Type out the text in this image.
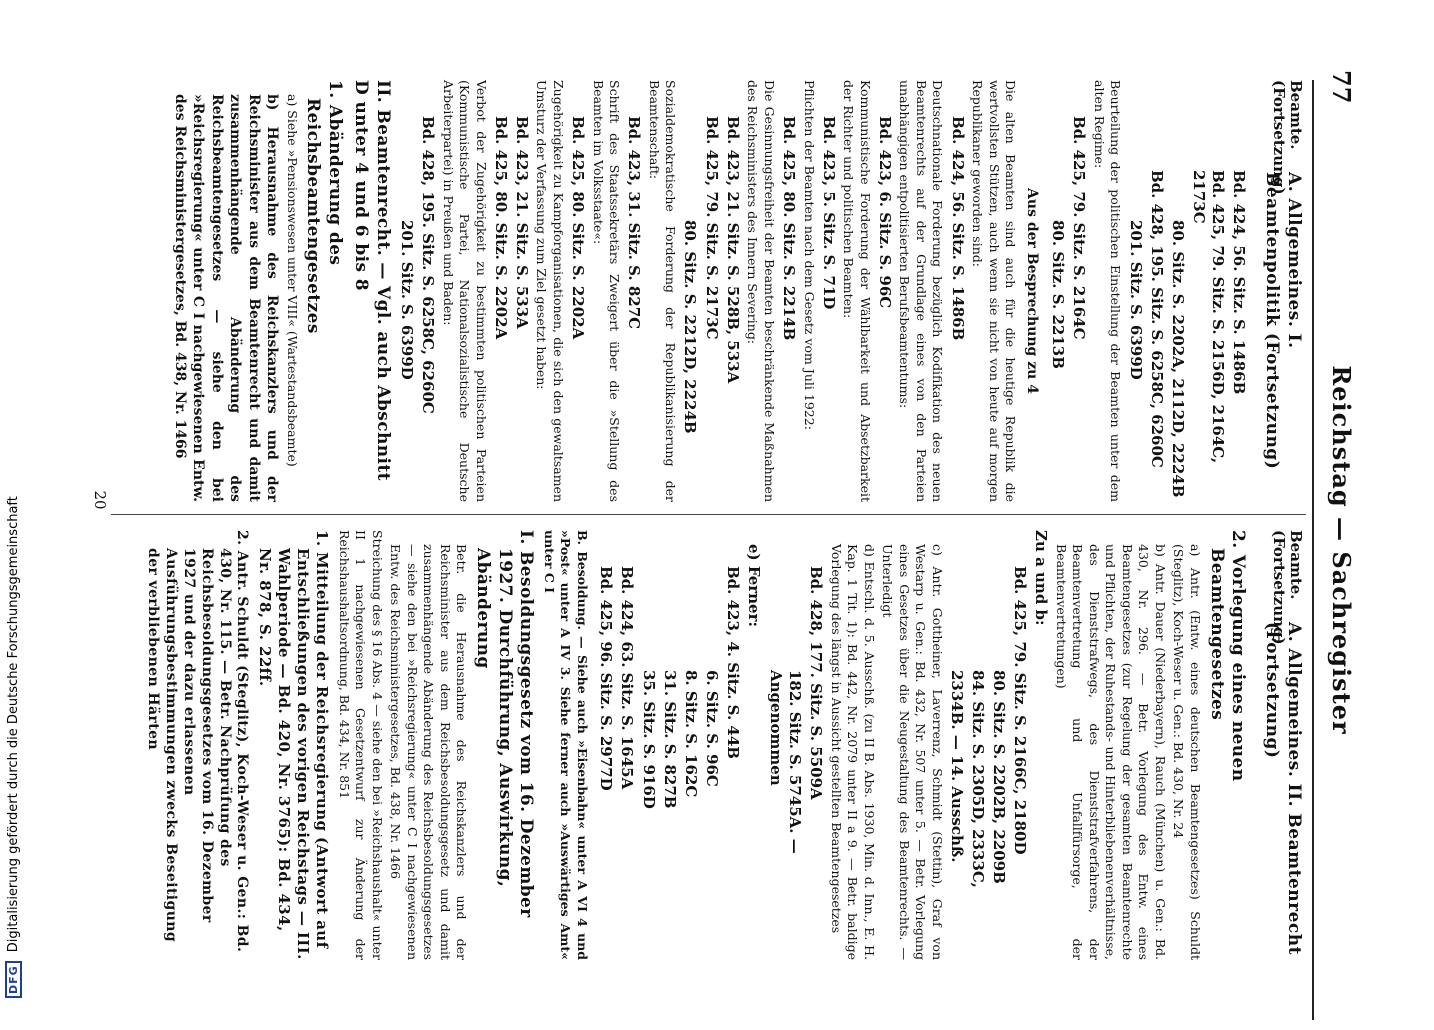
77
Reichstag — Sachregister
Beamte. (Fortsetzung)
A. Allgemeines. I. Beamtenpolitik (Fortsetzung)
Bd. 424, 56. Sitz. S. 1486B
Bd. 425, 79. Sitz. S. 2156D, 2164C, 2173C
80. Sitz. S. 2202A, 2112D, 2224B
Bd. 428, 195. Sitz. S. 6258C, 6260C
201. Sitz. S. 6399D

Beurteilung der politischen Einstellung der Beamten unter dem alten Regime:

Bd. 425, 79. Sitz. S. 2164C
80. Sitz. S. 2213B
Aus der Besprechung zu 4

Die alten Beamten sind auch für die heutige Republik die wertvollsten Stützen, auch wenn sie nicht von heute auf morgen Republikaner geworden sind:

Bd. 424, 56. Sitz. S. 1486B

Deutschnationale Forderung bezüglich Kodifikation des neuen Beamtenrechts auf der Grundlage eines von den Parteien unabhängigen entpolitisierten Berufsbeamtentums:

Bd. 423, 6. Sitz. S. 96C

Kommunistische Forderung der Wählbarkeit und Absetzbarkeit der Richter und politischen Beamten:

Bd. 423, 5. Sitz. S. 71D

Pflichten der Beamten nach dem Gesetz vom Juli 1922:

Bd. 425, 80. Sitz. S. 2214B

Die Gesinnungsfreiheit der Beamten beschränkende Maßnahmen des Reichsministers des Innern Severing:

Bd. 423, 21. Sitz. S. 528B, 533A
Bd. 425, 79. Sitz. S. 2173C
80. Sitz. S. 2212D, 2224B

Sozialdemokratische Forderung der Republikanisierung der Beamtenschaft:

Bd. 423, 31. Sitz. S. 827C

Schrift des Staatssekretärs Zweigert über die »Stellung des Beamten im Volksstaate«:

Bd. 425, 80. Sitz. S. 2202A

Zugehörigkeit zu Kampforganisationen, die sich den gewaltsamen Umsturz der Verfassung zum Ziel gesetzt haben:

Bd. 423, 21. Sitz. S. 533A
Bd. 425, 80. Sitz. S. 2202A

Verbot der Zugehörigkeit zu bestimmten politischen Parteien (Kommunistische Partei, Nationalsozialistische Deutsche Arbeiterpartei) in Preußen und Baden:

Bd. 428, 195. Sitz. S. 6258C, 6260C
201. Sitz. S. 6399D
II. Beamtenrecht. — Vgl. auch Abschnitt D unter 4 und 6 bis 8
1. Abänderung des Reichsbeamtengesetzes

a) Siehe »Pensionswesen unter VIII« (Wartestandsbeamte)

b) Herausnahme des Reichskanzlers und der Reichsminister aus dem Beamtenrecht und damit zusammenhängende Abänderung des Reichsbeamtengesetzes — siehe den bei »Reichsregierung« unter C I nachgewiesenen Entw. des Reichsministergesetzes, Bd. 438, Nr. 1466

Beamte. (Fortsetzung)
A. Allgemeines. II. Beamtenrecht (Fortsetzung)
2. Vorlegung eines neuen Beamtengesetzes

a) Antr. (Entw. eines deutschen Beamtengesetzes) Schuldt (Steglitz), Koch-Weser u. Gen.: Bd. 430, Nr. 24

b) Antr. Dauer (Niederbayern), Rauch (München) u. Gen.: Bd. 430, Nr. 296. — Betr. Vorlegung des Entw. eines Beamtengesetzes (zur Regelung der gesamten Beamtenrechte und Pflichten, der Ruhestands- und Hinterbliebenenverhältnisse, des Dienststrafwegs, des Dienststrafverfahrens, der Beamtenvertretung und Unfallfürsorge, der Beamtenvertretungen)

Zu a und b:
Bd. 425, 79. Sitz. S. 2166C, 2180D
80. Sitz. S. 2202B, 2209B
84. Sitz. S. 2305D, 2333C,
2334B. — 14. Ausschß.

c) Antr. Gottheiner, Laverrenz, Schmidt (Stettin), Graf von Westarp u. Gen.: Bd. 432, Nr. 507 unter 5. — Betr. Vorlegung eines Gesetzes über die Neugestaltung des Beamtenrechts. — Unterledigt

d) Entschl. d. 5. Ausschß. (zu II B. Abs. 1930, Min. d. Inn., E. H. Kap. 1 Tit. 1): Bd. 442, Nr. 2079 unter II a 9. — Betr. baldige Vorlegung des längst in Aussicht gestellten Beamtengesetzes

Bd. 428, 177. Sitz. S. 5509A
182. Sitz. S. 5745A. — Angenommen
e) Ferner:
Bd. 423, 4. Sitz. S. 44B
6. Sitz. S. 96C
8. Sitz. S. 162C
31. Sitz. S. 827B
35. Sitz. S. 916D
Bd. 424, 63. Sitz. S. 1645A
Bd. 425, 96. Sitz. S. 2977D
B. Besoldung. — Siehe auch »Eisenbahn« unter A VI 4 und »Post« unter A IV 3. Siehe ferner auch »Auswärtiges Amt« unter C I
I. Besoldungsgesetz vom 16. Dezember 1927. Durchführung, Auswirkung, Abänderung

Betr. die Herausnahme des Reichskanzlers und der Reichsminister aus dem Reichsbesoldungsgesetz und damit zusammenhängende Abänderung des Reichsbesoldungsgesetzes — siehe den bei »Reichsregierung« unter C I nachgewiesenen Entw. des Reichsministergesetzes, Bd. 438, Nr. 1466

Streichung des § 16 Abs. 4 — siehe den bei »Reichshaushalt« unter II 1 nachgewiesenen Gesetzentwurf zur Änderung der Reichshaushaltsordnung, Bd. 434, Nr. 851

1. Mitteilung der Reichsregierung (Antwort auf Entschließungen des vorigen Reichstags — III. Wahlperiode — Bd. 420, Nr. 3765): Bd. 434, Nr. 878, S. 22ff.
2. Antr. Schuldt (Steglitz), Koch-Weser u. Gen.: Bd. 430, Nr. 115. — Betr. Nachprüfung des Reichsbesoldungsgesetzes vom 16. Dezember 1927 und der dazu erlassenen Ausführungsbestimmungen zwecks Beseitigung der verbliebenen Härten
20
DFG Digitalisierung gefördert durch die Deutsche Forschungsgemeinschaft
